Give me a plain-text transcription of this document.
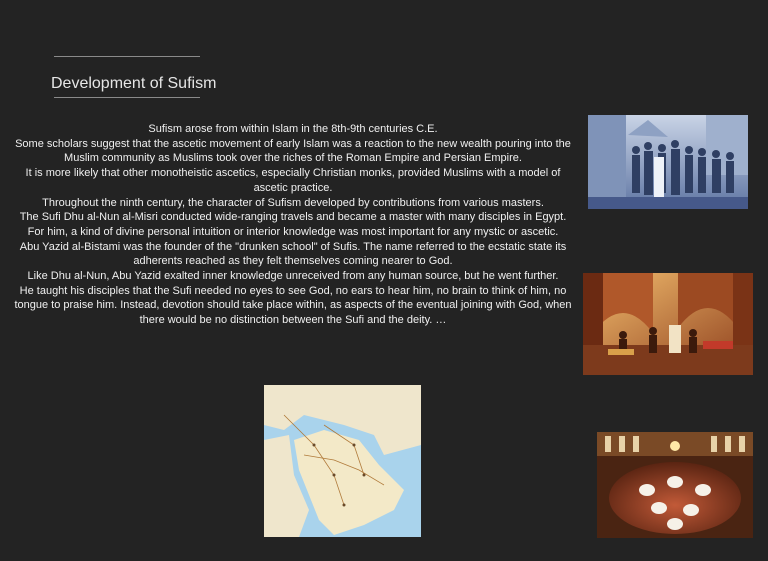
Development of Sufism

Sufism arose from within Islam in the 8th-9th centuries C.E.

Some scholars suggest that the ascetic movement of early Islam was a reaction to the new wealth pouring into the Muslim community as Muslims took over the riches of the Roman Empire and Persian Empire.

It is more likely that other monotheistic ascetics, especially Christian monks, provided Muslims with a model of ascetic practice.

Throughout the ninth century, the character of Sufism developed by contributions from various masters.

The Sufi Dhu al-Nun al-Misri conducted wide-ranging travels and became a master with many disciples in Egypt.

For him, a kind of divine personal intuition or interior knowledge was most important for any mystic or ascetic.

Abu Yazid al-Bistami was the founder of the "drunken school" of Sufis. The name referred to the ecstatic state its adherents reached as they felt themselves coming nearer to God.

Like Dhu al-Nun, Abu Yazid exalted inner knowledge unreceived from any human source, but he went further.

He taught his disciples that the Sufi needed no eyes to see God, no ears to hear him, no brain to think of him, no tongue to praise him. Instead, devotion should take place within, as aspects of the eventual joining with God, when there would be no distinction between the Sufi and the deity. …
